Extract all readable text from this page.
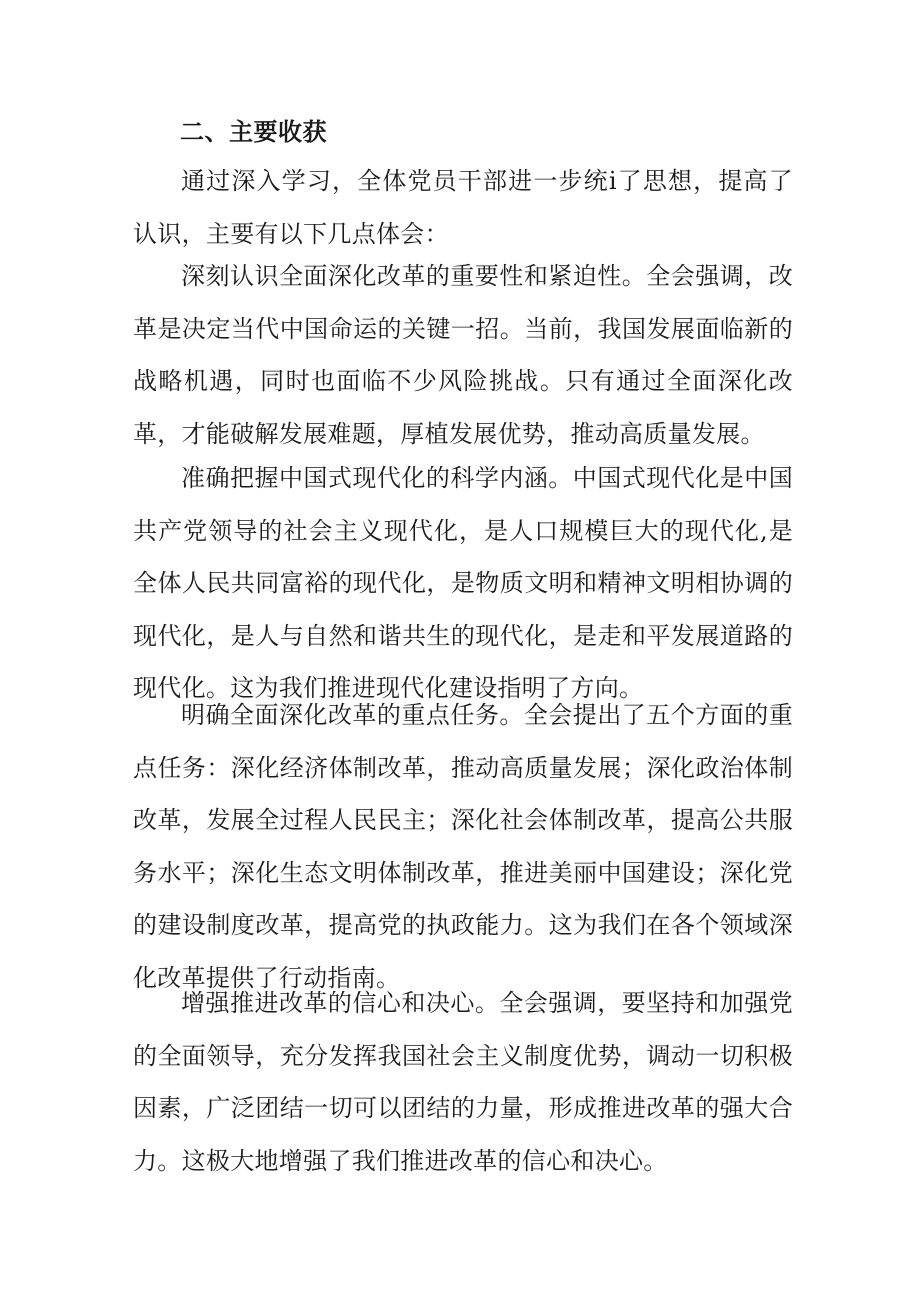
二、主要收获

通过深入学习，全体党员干部进一步统i了思想，提高了认识，主要有以下几点体会：

深刻认识全面深化改革的重要性和紧迫性。全会强调，改革是决定当代中国命运的关键一招。当前，我国发展面临新的战略机遇，同时也面临不少风险挑战。只有通过全面深化改革，才能破解发展难题，厚植发展优势，推动高质量发展。

准确把握中国式现代化的科学内涵。中国式现代化是中国共产党领导的社会主义现代化，是人口规模巨大的现代化,是全体人民共同富裕的现代化，是物质文明和精神文明相协调的现代化，是人与自然和谐共生的现代化，是走和平发展道路的现代化。这为我们推进现代化建设指明了方向。

明确全面深化改革的重点任务。全会提出了五个方面的重点任务：深化经济体制改革，推动高质量发展；深化政治体制改革，发展全过程人民民主；深化社会体制改革，提高公共服务水平；深化生态文明体制改革，推进美丽中国建设；深化党的建设制度改革，提高党的执政能力。这为我们在各个领域深化改革提供了行动指南。

增强推进改革的信心和决心。全会强调，要坚持和加强党的全面领导，充分发挥我国社会主义制度优势，调动一切积极因素，广泛团结一切可以团结的力量，形成推进改革的强大合力。这极大地增强了我们推进改革的信心和决心。
